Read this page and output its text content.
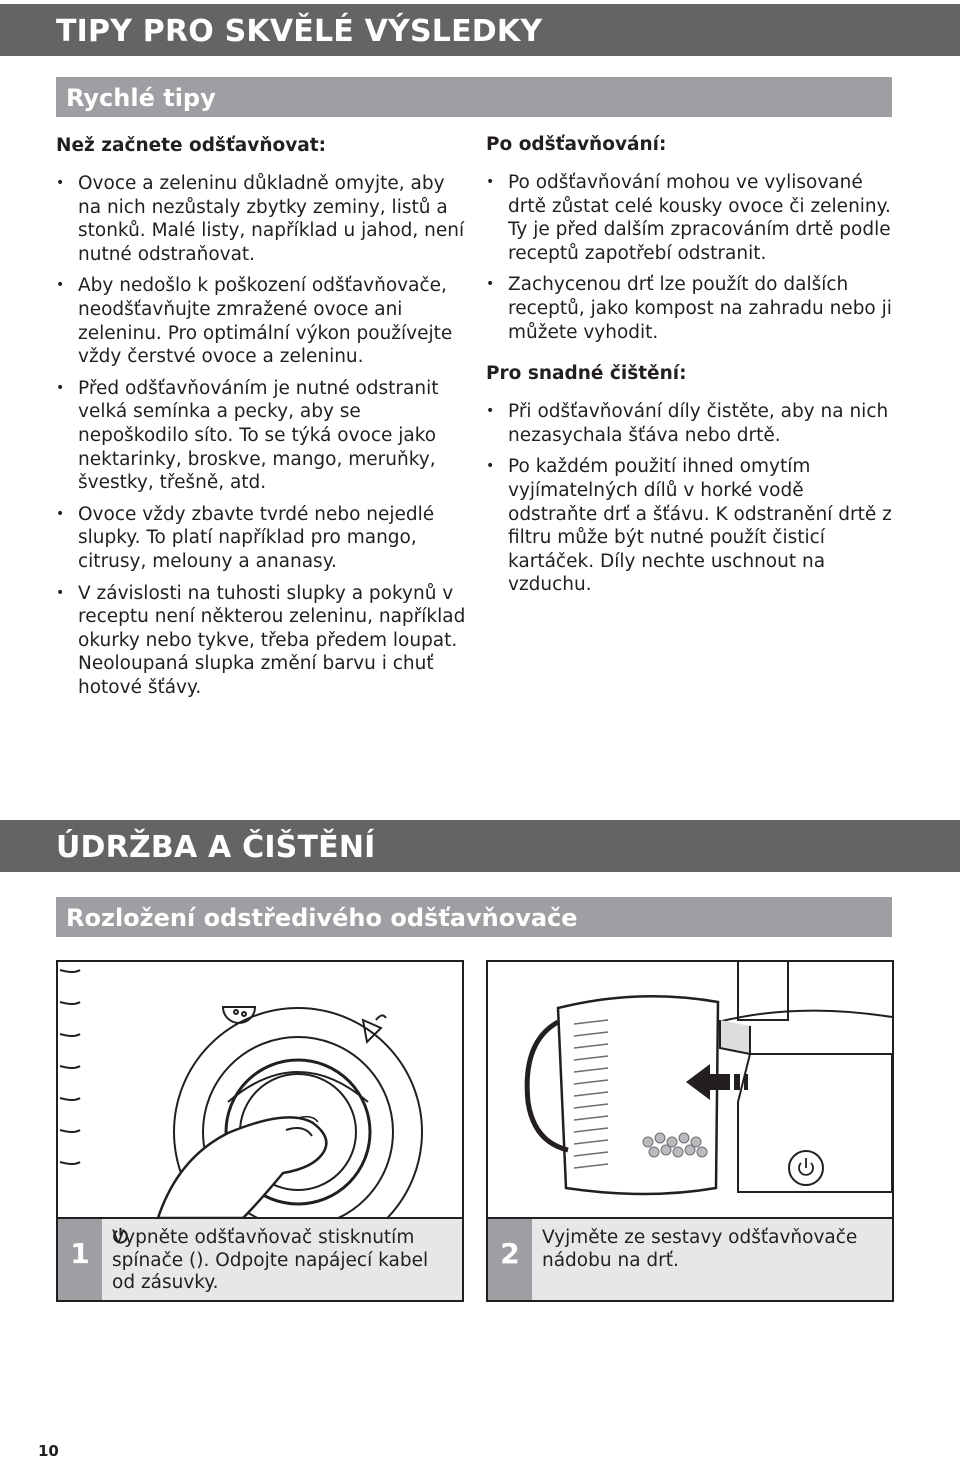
TIPY PRO SKVĚLÉ VÝSLEDKY
Rychlé tipy
Než začnete odšťavňovat:
• Ovoce a zeleninu důkladně omyjte, aby na nich nezůstaly zbytky zeminy, listů a stonků. Malé listy, například u jahod, není nutné odstraňovat.
• Aby nedošlo k poškození odšťavňovače, neodšťavňujte zmražené ovoce ani zeleninu. Pro optimální výkon používejte vždy čerstvé ovoce a zeleninu.
• Před odšťavňováním je nutné odstranit velká semínka a pecky, aby se nepoškodilo síto. To se týká ovoce jako nektarinky, broskve, mango, meruňky, švestky, třešně, atd.
• Ovoce vždy zbavte tvrdé nebo nejedlé slupky. To platí například pro mango, citrusy, melouny a ananasy.
• V závislosti na tuhosti slupky a pokynů v receptu není některou zeleninu, například okurky nebo tykve, třeba předem loupat. Neoloupaná slupka změní barvu i chuť hotové šťávy.
Po odšťavňování:
• Po odšťavňování mohou ve vylisované drtě zůstat celé kousky ovoce či zeleniny. Ty je před dalším zpracováním drtě podle receptů zapotřebí odstranit.
• Zachycenou drť lze použít do dalších receptů, jako kompost na zahradu nebo ji můžete vyhodit.
Pro snadné čištění:
• Při odšťavňování díly čistěte, aby na nich nezasychala šťáva nebo drtě.
• Po každém použití ihned omytím vyjímatelných dílů v horké vodě odstraňte drť a šťávu. K odstranění drtě z filtru může být nutné použít čisticí kartáček. Díly nechte uschnout na vzduchu.
ÚDRŽBA A ČIŠTĚNÍ
Rozložení odstředivého odšťavňovače
1	Vypněte odšťavňovač stisknutím spínače (
). Odpojte napájecí kabel od zásuvky.
2	Vyjměte ze sestavy odšťavňovače nádobu na drť.
10
